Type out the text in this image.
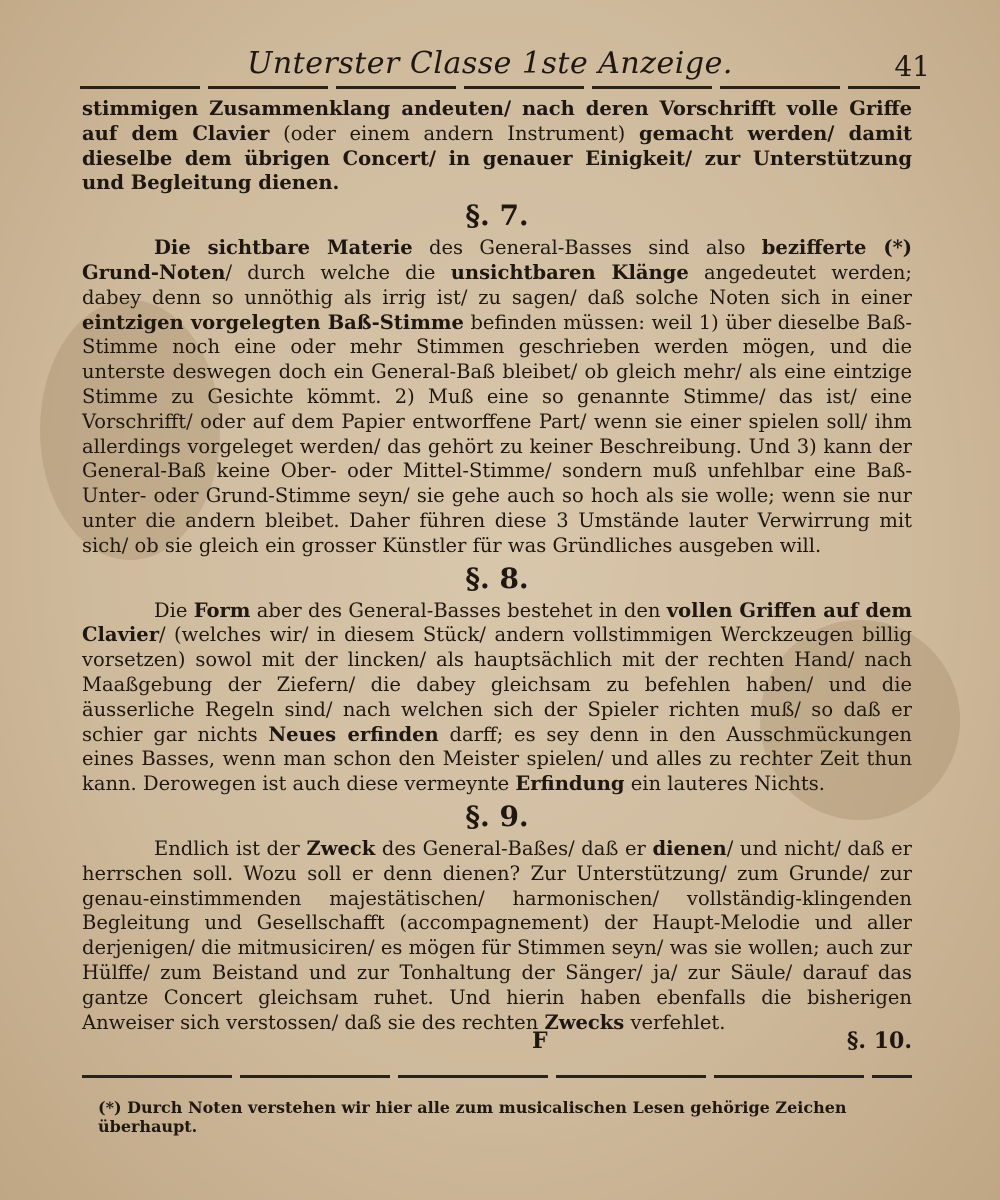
Unterster Classe 1ste Anzeige.	41

stimmigen Zusammenklang andeuten/ nach deren Vorschrifft volle Griffe auf dem Clavier (oder einem andern Instrument) gemacht werden/ damit dieselbe dem übrigen Concert/ in genauer Einigkeit/ zur Unterstützung und Begleitung dienen.

§. 7.

Die sichtbare Materie des General-Basses sind also bezifferte (*) Grund-Noten/ durch welche die unsichtbaren Klänge angedeutet werden; dabey denn so unnöthig als irrig ist/ zu sagen/ daß solche Noten sich in einer eintzigen vorgelegten Baß-Stimme befinden müssen: weil 1) über dieselbe Baß-Stimme noch eine oder mehr Stimmen geschrieben werden mögen, und die unterste deswegen doch ein General-Baß bleibet/ ob gleich mehr/ als eine eintzige Stimme zu Gesichte kömmt. 2) Muß eine so genannte Stimme/ das ist/ eine Vorschrifft/ oder auf dem Papier entworffene Part/ wenn sie einer spielen soll/ ihm allerdings vorgeleget werden/ das gehört zu keiner Beschreibung. Und 3) kann der General-Baß keine Ober- oder Mittel-Stimme/ sondern muß unfehlbar eine Baß- Unter- oder Grund-Stimme seyn/ sie gehe auch so hoch als sie wolle; wenn sie nur unter die andern bleibet. Daher führen diese 3 Umstände lauter Verwirrung mit sich/ ob sie gleich ein grosser Künstler für was Gründliches ausgeben will.

§. 8.

Die Form aber des General-Basses bestehet in den vollen Griffen auf dem Clavier/ (welches wir/ in diesem Stück/ andern vollstimmigen Werckzeugen billig vorsetzen) sowol mit der lincken/ als hauptsächlich mit der rechten Hand/ nach Maaßgebung der Ziefern/ die dabey gleichsam zu befehlen haben/ und die äusserliche Regeln sind/ nach welchen sich der Spieler richten muß/ so daß er schier gar nichts Neues erfinden darff; es sey denn in den Ausschmückungen eines Basses, wenn man schon den Meister spielen/ und alles zu rechter Zeit thun kann. Derowegen ist auch diese vermeynte Erfindung ein lauteres Nichts.

§. 9.

Endlich ist der Zweck des General-Baßes/ daß er dienen/ und nicht/ daß er herrschen soll. Wozu soll er denn dienen? Zur Unterstützung/ zum Grunde/ zur genau-einstimmenden majestätischen/ harmonischen/ vollständig-klingenden Begleitung und Gesellschafft (accompagnement) der Haupt-Melodie und aller derjenigen/ die mitmusiciren/ es mögen für Stimmen seyn/ was sie wollen; auch zur Hülffe/ zum Beistand und zur Tonhaltung der Sänger/ ja/ zur Säule/ darauf das gantze Concert gleichsam ruhet. Und hierin haben ebenfalls die bisherigen Anweiser sich verstossen/ daß sie des rechten Zwecks verfehlet.

F	§. 10.
(*) Durch Noten verstehen wir hier alle zum musicalischen Lesen gehörige Zeichen überhaupt.
